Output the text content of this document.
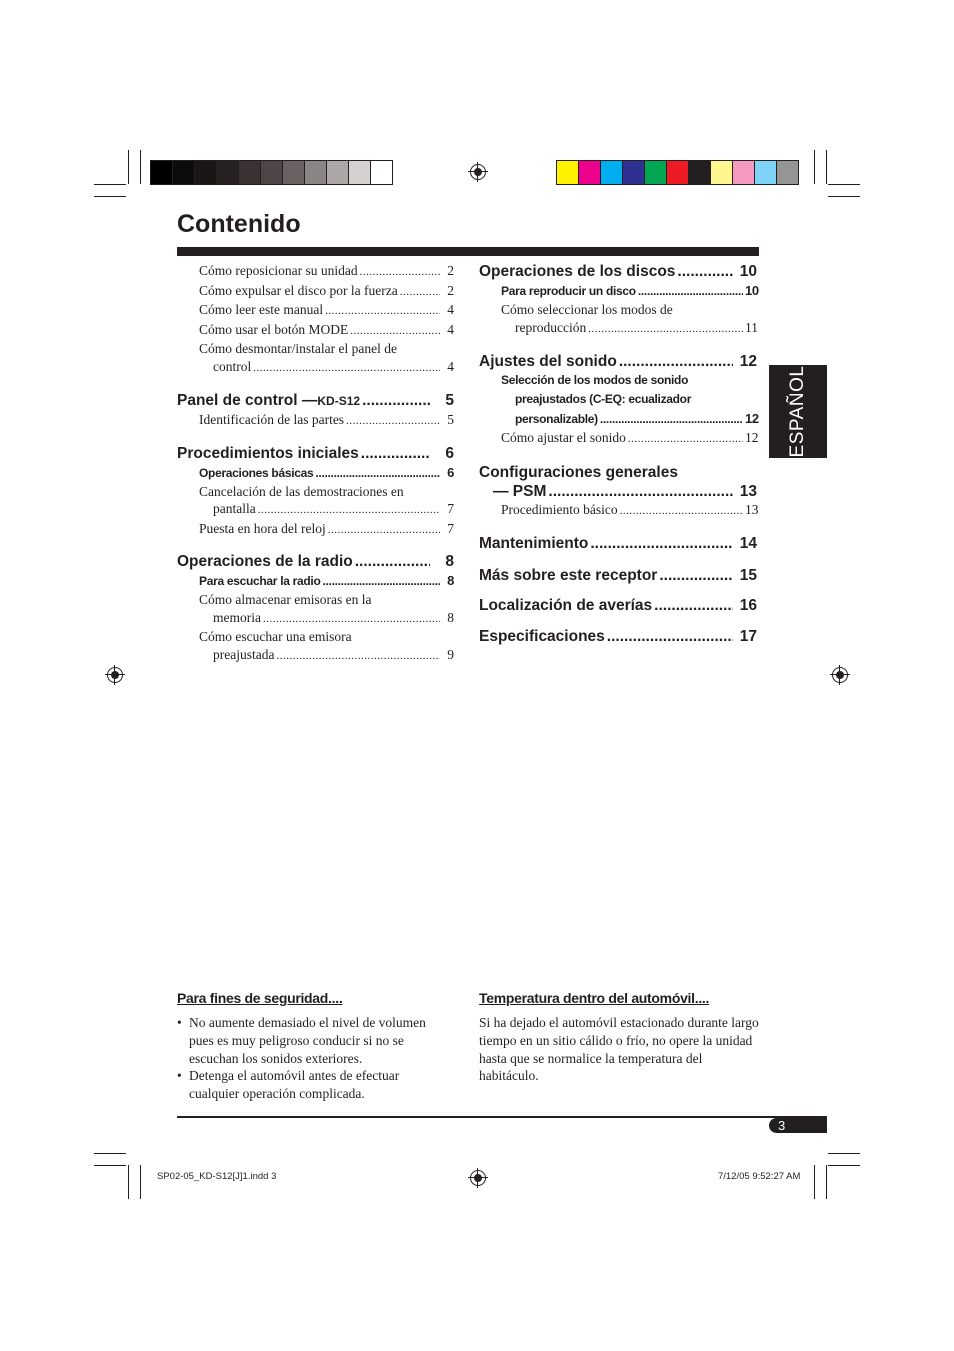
Contenido
Cómo reposicionar su unidad .....	2
Cómo expulsar el disco por la fuerza .....	2
Cómo leer este manual .....	4
Cómo usar el botón MODE .....	4
Cómo desmontar/instalar el panel de
control .....	4
Panel de control — KD-S12 .....	5
Identificación de las partes .....	5
Procedimientos iniciales .....	6
Operaciones básicas .....	6
Cancelación de las demostraciones en
pantalla .....	7
Puesta en hora del reloj .....	7
Operaciones de la radio .....	8
Para escuchar la radio .....	8
Cómo almacenar emisoras en la
memoria .....	8
Cómo escuchar una emisora
preajustada .....	9
Operaciones de los discos .....	10
Para reproducir un disco .....	10
Cómo seleccionar los modos de
reproducción .....	11
Ajustes del sonido .....	12
Selección de los modos de sonido
preajustados (C-EQ: ecualizador
personalizable) .....	12
Cómo ajustar el sonido .....	12
Configuraciones generales
— PSM .....	13
Procedimiento básico .....	13
Mantenimiento .....	14
Más sobre este receptor .....	15
Localización de averías .....	16
Especificaciones .....	17
ESPAÑOL
Para fines de seguridad....
• No aumente demasiado el nivel de volumen pues es muy peligroso conducir si no se escuchan los sonidos exteriores.
• Detenga el automóvil antes de efectuar cualquier operación complicada.
Temperatura dentro del automóvil....
Si ha dejado el automóvil estacionado durante largo tiempo en un sitio cálido o frío, no opere la unidad hasta que se normalice la temperatura del habitáculo.
3
SP02-05_KD-S12[J]1.indd 3	7/12/05 9:52:27 AM
